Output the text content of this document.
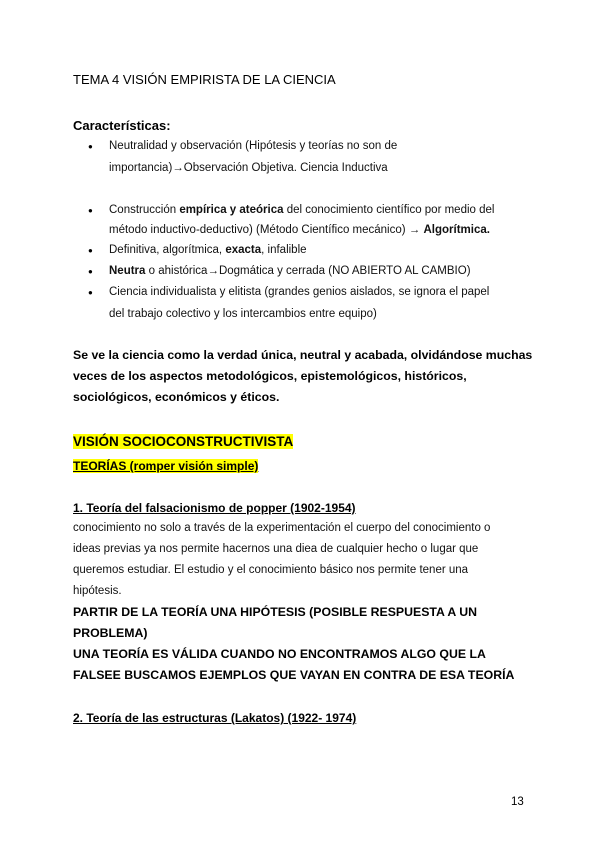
TEMA 4 VISIÓN EMPIRISTA DE LA CIENCIA
Características:
● Neutralidad y observación (Hipótesis y teorías no son de
importancia)→Observación Objetiva. Ciencia Inductiva
● Construcción empírica y ateórica del conocimiento científico por medio del
método inductivo-deductivo) (Método Científico mecánico) → Algorítmica.
● Definitiva, algorítmica, exacta, infalible
● Neutra o ahistórica→Dogmática y cerrada (NO ABIERTO AL CAMBIO)
● Ciencia individualista y elitista (grandes genios aislados, se ignora el papel
del trabajo colectivo y los intercambios entre equipo)
Se ve la ciencia como la verdad única, neutral y acabada, olvidándose muchas
veces de los aspectos metodológicos, epistemológicos, históricos,
sociológicos, económicos y éticos.
VISIÓN SOCIOCONSTRUCTIVISTA
TEORÍAS (romper visión simple)
1. Teoría del falsacionismo de popper (1902-1954)
conocimiento no solo a través de la experimentación el cuerpo del conocimiento o
ideas previas ya nos permite hacernos una diea de cualquier hecho o lugar que
queremos estudiar. El estudio y el conocimiento básico nos permite tener una
hipótesis.
PARTIR DE LA TEORÍA UNA HIPÓTESIS (POSIBLE RESPUESTA A UN
PROBLEMA)
UNA TEORÍA ES VÁLIDA CUANDO NO ENCONTRAMOS ALGO QUE LA
FALSEE BUSCAMOS EJEMPLOS QUE VAYAN EN CONTRA DE ESA TEORÍA
2. Teoría de las estructuras (Lakatos) (1922- 1974)
13
